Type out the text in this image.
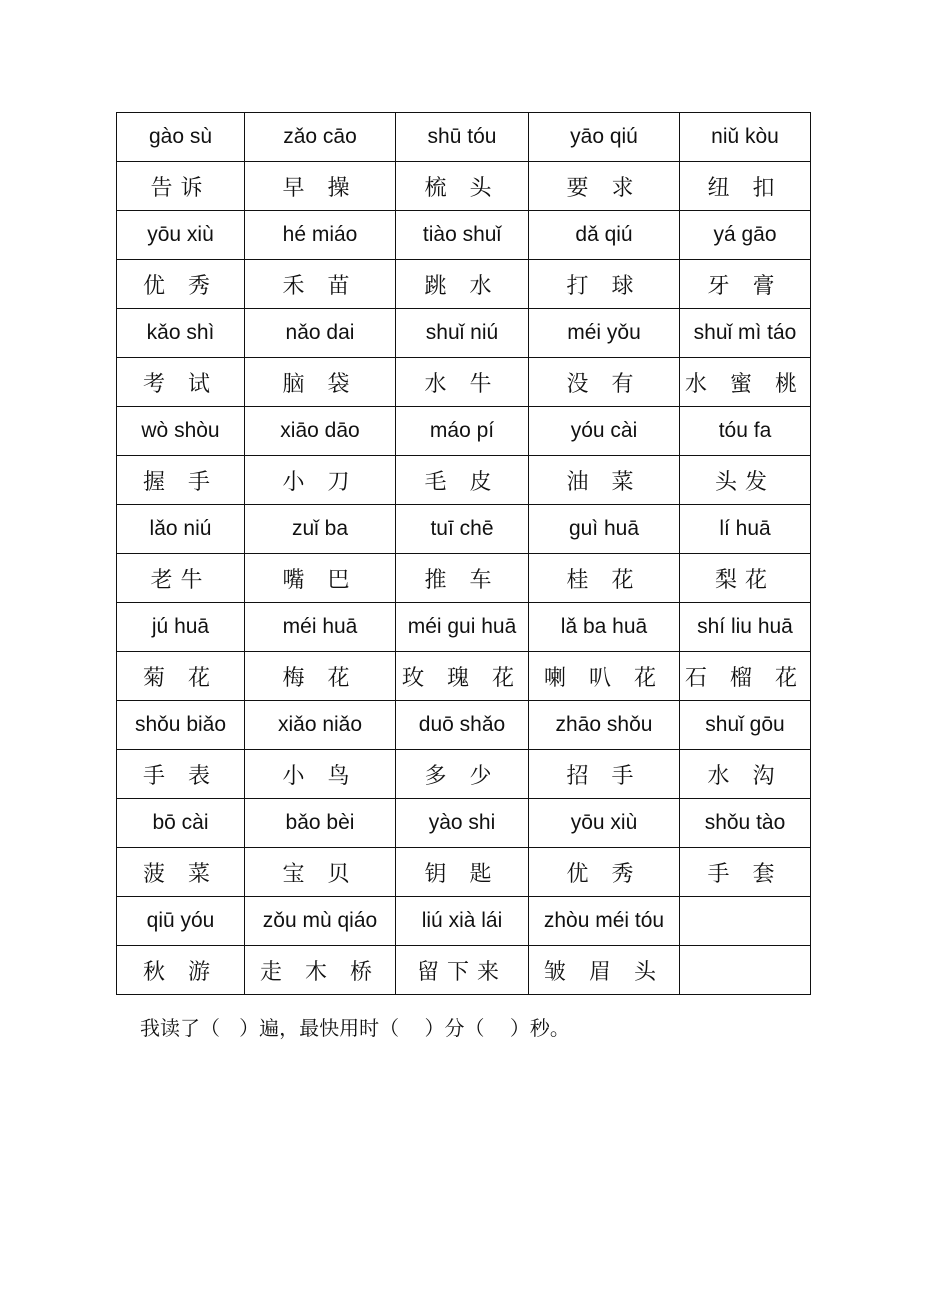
gào sù	zǎo cāo	shū tóu	yāo qiú	niǔ kòu
告诉	早 操	梳 头	要 求	纽 扣
yōu xiù	hé miáo	tiào shuǐ	dǎ qiú	yá gāo
优 秀	禾 苗	跳 水	打 球	牙 膏
kǎo shì	nǎo dai	shuǐ niú	méi yǒu	shuǐ mì táo
考 试	脑 袋	水 牛	没 有	水 蜜 桃
wò shòu	xiāo dāo	máo pí	yóu cài	tóu fa
握 手	小 刀	毛 皮	油 菜	头发
lǎo niú	zuǐ ba	tuī chē	guì huā	lí huā
老牛	嘴 巴	推 车	桂 花	梨花
jú huā	méi huā	méi gui huā	lǎ ba huā	shí liu huā
菊 花	梅 花	玫 瑰 花	喇 叭 花	石 榴 花
shǒu biǎo	xiǎo niǎo	duō shǎo	zhāo shǒu	shuǐ gōu
手 表	小 鸟	多 少	招 手	水 沟
bō cài	bǎo bèi	yào shi	yōu xiù	shǒu tào
菠 菜	宝 贝	钥 匙	优 秀	手 套
qiū yóu	zǒu mù qiáo	liú xià lái	zhòu méi tóu	
秋 游	走 木 桥	留下来	皱 眉 头	
我读了（   ）遍，最快用时（    ）分（    ）秒。
